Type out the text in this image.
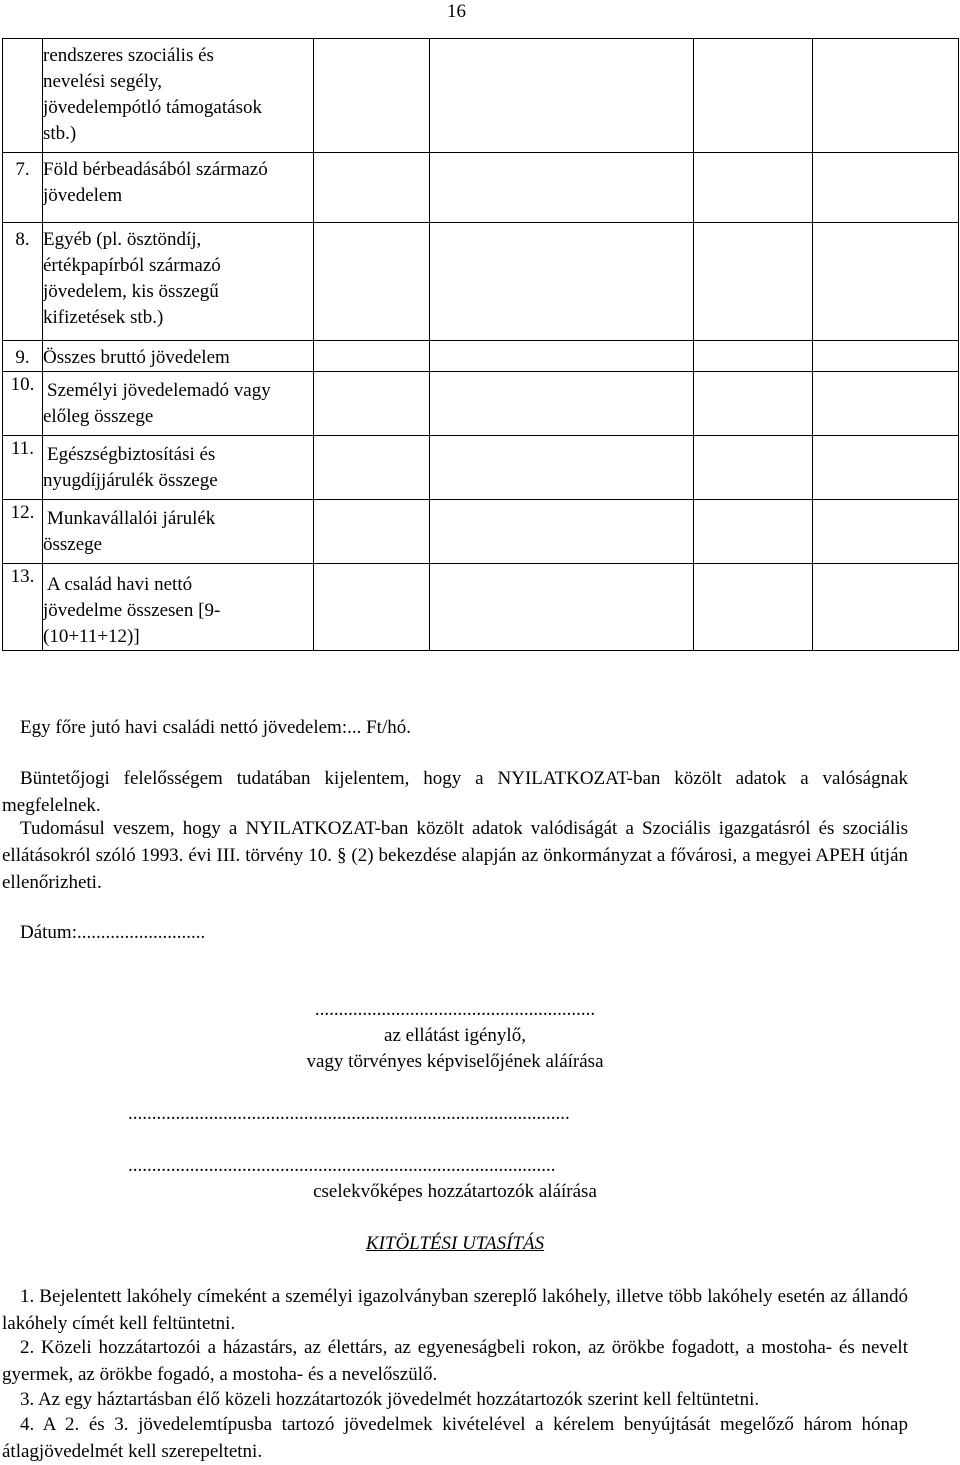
16

	rendszeres szociális és
nevelési segély,
jövedelempótló támogatások
stb.)				

7.	Föld bérbeadásából származó
jövedelem				

8.	Egyéb (pl. ösztöndíj,
értékpapírból származó
jövedelem, kis összegű
kifizetések stb.)				

9.	Összes bruttó jövedelem				

10.	Személyi jövedelemadó vagy
előleg összege				

11.	Egészségbiztosítási és
nyugdíjjárulék összege				

12.	Munkavállalói járulék
összege				

13.	A család havi nettó
jövedelme összesen [9-
(10+11+12)]				

Egy főre jutó havi családi nettó jövedelem:... Ft/hó.
Büntetőjogi felelősségem tudatában kijelentem, hogy a NYILATKOZAT-ban közölt adatok a valóságnak megfelelnek.
Tudomásul veszem, hogy a NYILATKOZAT-ban közölt adatok valódiságát a Szociális igazgatásról és szociális ellátásokról szóló 1993. évi III. törvény 10. § (2) bekezdése alapján az önkormányzat a fővárosi, a megyei APEH útján ellenőrizheti.
Dátum:...........................
...........................................................
az ellátást igénylő,
vagy törvényes képviselőjének aláírása
.............................................................................................
..........................................................................................
cselekvőképes hozzátartozók aláírása
KITÖLTÉSI UTASÍTÁS
1. Bejelentett lakóhely címeként a személyi igazolványban szereplő lakóhely, illetve több lakóhely esetén az állandó lakóhely címét kell feltüntetni.
2. Közeli hozzátartozói a házastárs, az élettárs, az egyeneságbeli rokon, az örökbe fogadott, a mostoha- és nevelt gyermek, az örökbe fogadó, a mostoha- és a nevelőszülő.
3. Az egy háztartásban élő közeli hozzátartozók jövedelmét hozzátartozók szerint kell feltüntetni.
4. A 2. és 3. jövedelemtípusba tartozó jövedelmek kivételével a kérelem benyújtását megelőző három hónap átlagjövedelmét kell szerepeltetni.
